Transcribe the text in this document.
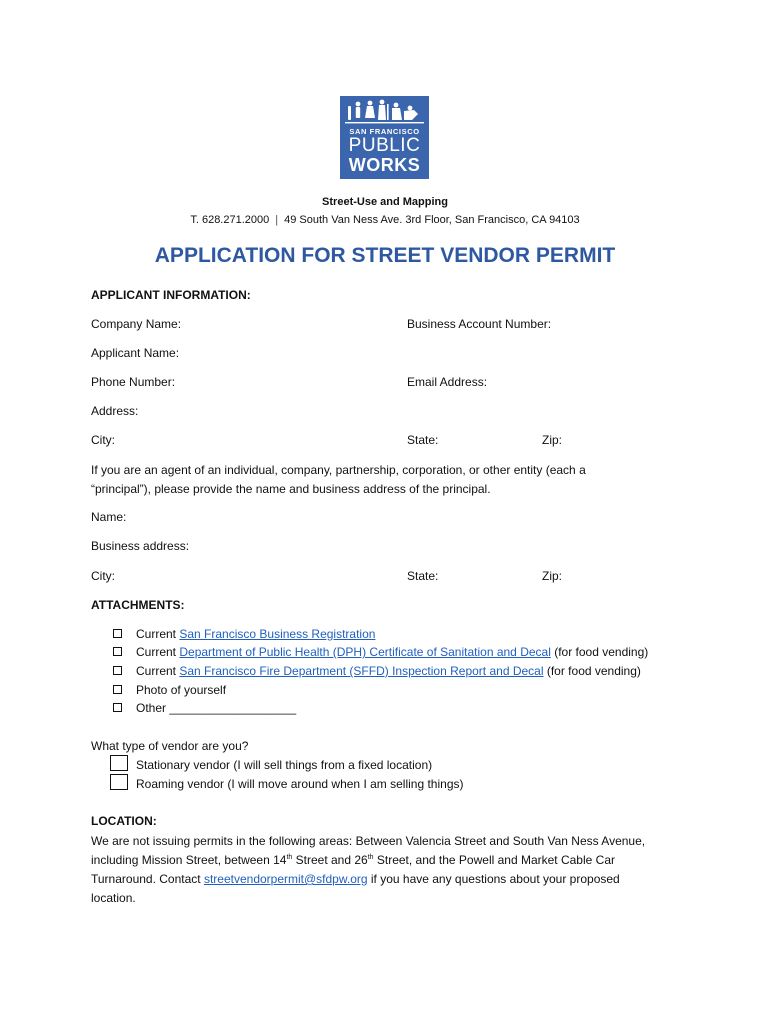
SAN FRANCISCO
PUBLIC
WORKS
Street-Use and Mapping
T. 628.271.2000 | 49 South Van Ness Ave. 3rd Floor, San Francisco, CA 94103
APPLICATION FOR STREET VENDOR PERMIT
APPLICANT INFORMATION:
Company Name:	Business Account Number:
Applicant Name:
Phone Number:	Email Address:
Address:
City:	State:	Zip:
If you are an agent of an individual, company, partnership, corporation, or other entity (each a
“principal”), please provide the name and business address of the principal.
Name:
Business address:
City:	State:	Zip:
ATTACHMENTS:
Current San Francisco Business Registration
Current Department of Public Health (DPH) Certificate of Sanitation and Decal (for food vending)
Current San Francisco Fire Department (SFFD) Inspection Report and Decal (for food vending)
Photo of yourself
Other ___________________
What type of vendor are you?
Stationary vendor (I will sell things from a fixed location)
Roaming vendor (I will move around when I am selling things)
LOCATION:
We are not issuing permits in the following areas: Between Valencia Street and South Van Ness Avenue,
including Mission Street, between 14th Street and 26th Street, and the Powell and Market Cable Car
Turnaround. Contact streetvendorpermit@sfdpw.org if you have any questions about your proposed
location.
